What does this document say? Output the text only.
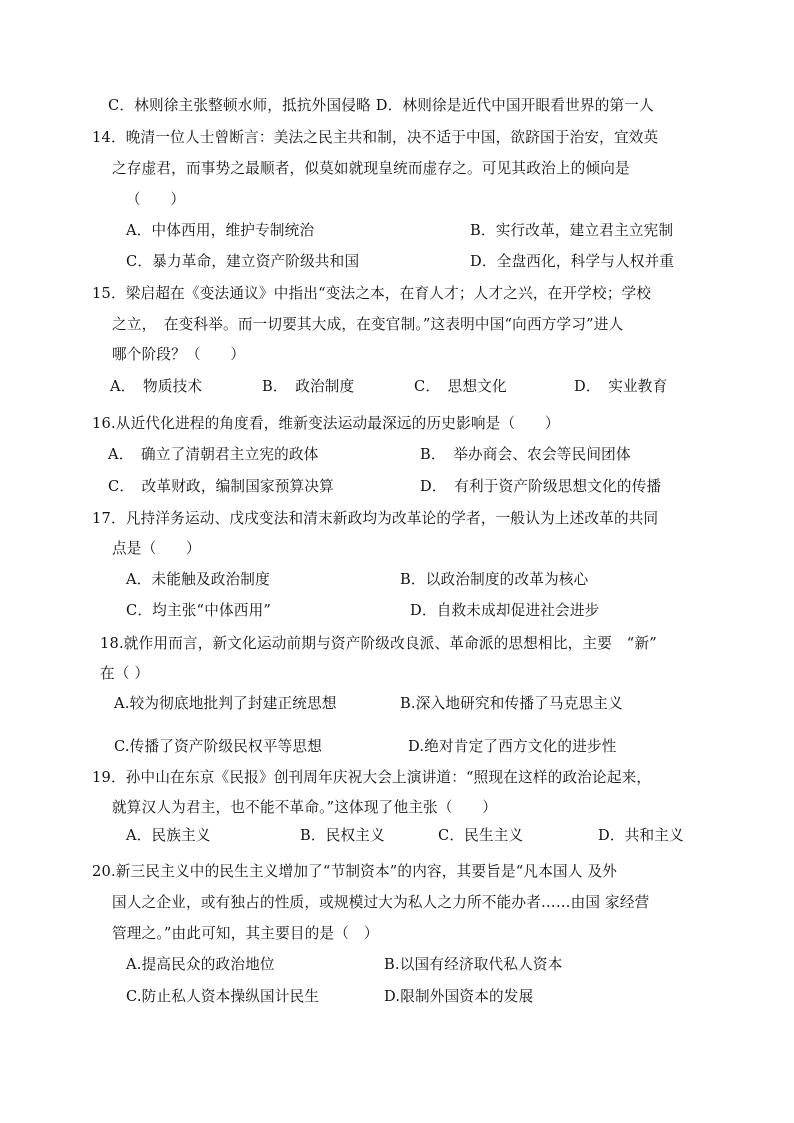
C．林则徐主张整顿水师，抵抗外国侵略 D．林则徐是近代中国开眼看世界的第一人
14．晚清一位人士曾断言：美法之民主共和制，决不适于中国，欲跻国于治安，宜效英
之存虚君，而事势之最顺者，似莫如就现皇统而虚存之。可见其政治上的倾向是
（　　）
A．中体西用，维护专制统治	B．实行改革，建立君主立宪制
C．暴力革命，建立资产阶级共和国	D．全盘西化，科学与人权并重
15．梁启超在《变法通议》中指出“变法之本，在育人才；人才之兴，在开学校；学校
之立，　在变科举。而一切要其大成，在变官制。”这表明中国“向西方学习”进人
哪个阶段？（　　）
A．　物质技术	B．　政治制度	C．　思想文化	D．　实业教育
16.从近代化进程的角度看，维新变法运动最深远的历史影响是（　　）
A．　确立了清朝君主立宪的政体	B．　举办商会、农会等民间团体
C．　改革财政，编制国家预算决算	D．　有利于资产阶级思想文化的传播
17．凡持洋务运动、戊戌变法和清末新政均为改革论的学者，一般认为上述改革的共同
点是（　　）
A．未能触及政治制度	B．以政治制度的改革为核心
C．均主张“中体西用”	D．自救未成却促进社会进步
18.就作用而言，新文化运动前期与资产阶级改良派、革命派的思想相比，主要　“新”
在（ ）
A.较为彻底地批判了封建正统思想	B.深入地研究和传播了马克思主义
C.传播了资产阶级民权平等思想	D.绝对肯定了西方文化的进步性
19．孙中山在东京《民报》创刊周年庆祝大会上演讲道：“照现在这样的政治论起来，
就算汉人为君主，也不能不革命。”这体现了他主张（　　）
A．民族主义	B．民权主义	C．民生主义	D．共和主义
20.新三民主义中的民生主义增加了“节制资本”的内容，其要旨是“凡本国人 及外
国人之企业，或有独占的性质，或规模过大为私人之力所不能办者……由国 家经营
管理之。”由此可知，其主要目的是（　）
A.提高民众的政治地位	B.以国有经济取代私人资本
C.防止私人资本操纵国计民生	D.限制外国资本的发展
